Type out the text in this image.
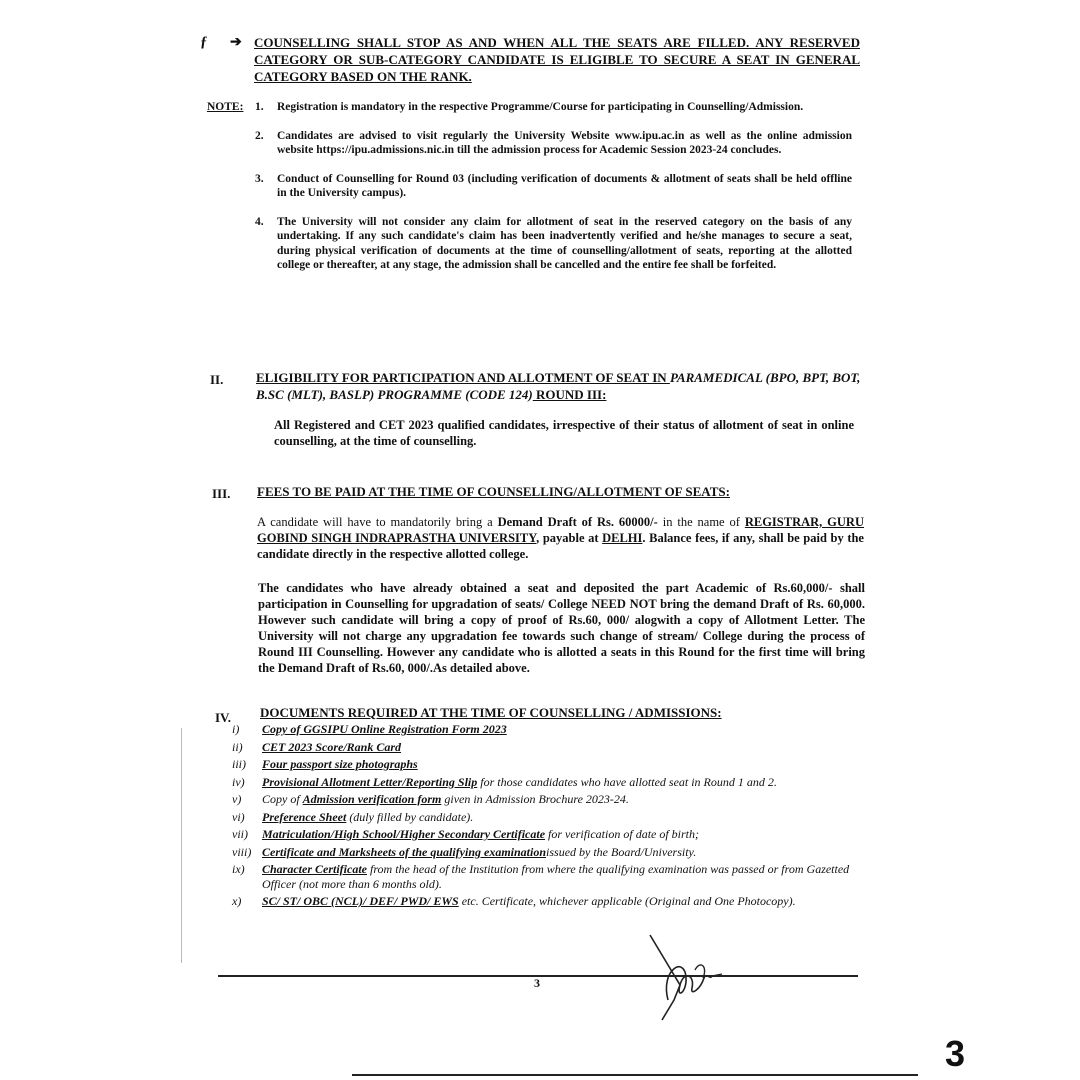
ƒ ➔ COUNSELLING SHALL STOP AS AND WHEN ALL THE SEATS ARE FILLED. ANY RESERVED CATEGORY OR SUB-CATEGORY CANDIDATE IS ELIGIBLE TO SECURE A SEAT IN GENERAL CATEGORY BASED ON THE RANK.
NOTE: 1. Registration is mandatory in the respective Programme/Course for participating in Counselling/Admission.
2. Candidates are advised to visit regularly the University Website www.ipu.ac.in as well as the online admission website https://ipu.admissions.nic.in till the admission process for Academic Session 2023-24 concludes.
3. Conduct of Counselling for Round 03 (including verification of documents & allotment of seats shall be held offline in the University campus).
4. The University will not consider any claim for allotment of seat in the reserved category on the basis of any undertaking. If any such candidate's claim has been inadvertently verified and he/she manages to secure a seat, during physical verification of documents at the time of counselling/allotment of seats, reporting at the allotted college or thereafter, at any stage, the admission shall be cancelled and the entire fee shall be forfeited.
II.	ELIGIBILITY FOR PARTICIPATION AND ALLOTMENT OF SEAT IN PARAMEDICAL (BPO, BPT, BOT, B.SC (MLT), BASLP) PROGRAMME (CODE 124) ROUND III:
All Registered and CET 2023 qualified candidates, irrespective of their status of allotment of seat in online counselling, at the time of counselling.
III. FEES TO BE PAID AT THE TIME OF COUNSELLING/ALLOTMENT OF SEATS:
A candidate will have to mandatorily bring a Demand Draft of Rs. 60000/- in the name of REGISTRAR, GURU GOBIND SINGH INDRAPRASTHA UNIVERSITY, payable at DELHI. Balance fees, if any, shall be paid by the candidate directly in the respective allotted college.
The candidates who have already obtained a seat and deposited the part Academic of Rs.60,000/- shall participation in Counselling for upgradation of seats/ College NEED NOT bring the demand Draft of Rs. 60,000. However such candidate will bring a copy of proof of Rs.60, 000/ alogwith a copy of Allotment Letter. The University will not charge any upgradation fee towards such change of stream/ College during the process of Round III Counselling. However any candidate who is allotted a seats in this Round for the first time will bring the Demand Draft of Rs.60, 000/.As detailed above.
IV. DOCUMENTS REQUIRED AT THE TIME OF COUNSELLING / ADMISSIONS:
i) Copy of GGSIPU Online Registration Form 2023
ii) CET 2023 Score/Rank Card
iii) Four passport size photographs
iv) Provisional Allotment Letter/Reporting Slip for those candidates who have allotted seat in Round 1 and 2.
v) Copy of Admission verification form given in Admission Brochure 2023-24.
vi) Preference Sheet (duly filled by candidate).
vii) Matriculation/High School/Higher Secondary Certificate for verification of date of birth;
viii) Certificate and Marksheets of the qualifying examinationissued by the Board/University.
ix) Character Certificate from the head of the Institution from where the qualifying examination was passed or from Gazetted Officer (not more than 6 months old).
x) SC/ ST/ OBC (NCL)/ DEF/ PWD/ EWS etc. Certificate, whichever applicable (Original and One Photocopy).
3
3
